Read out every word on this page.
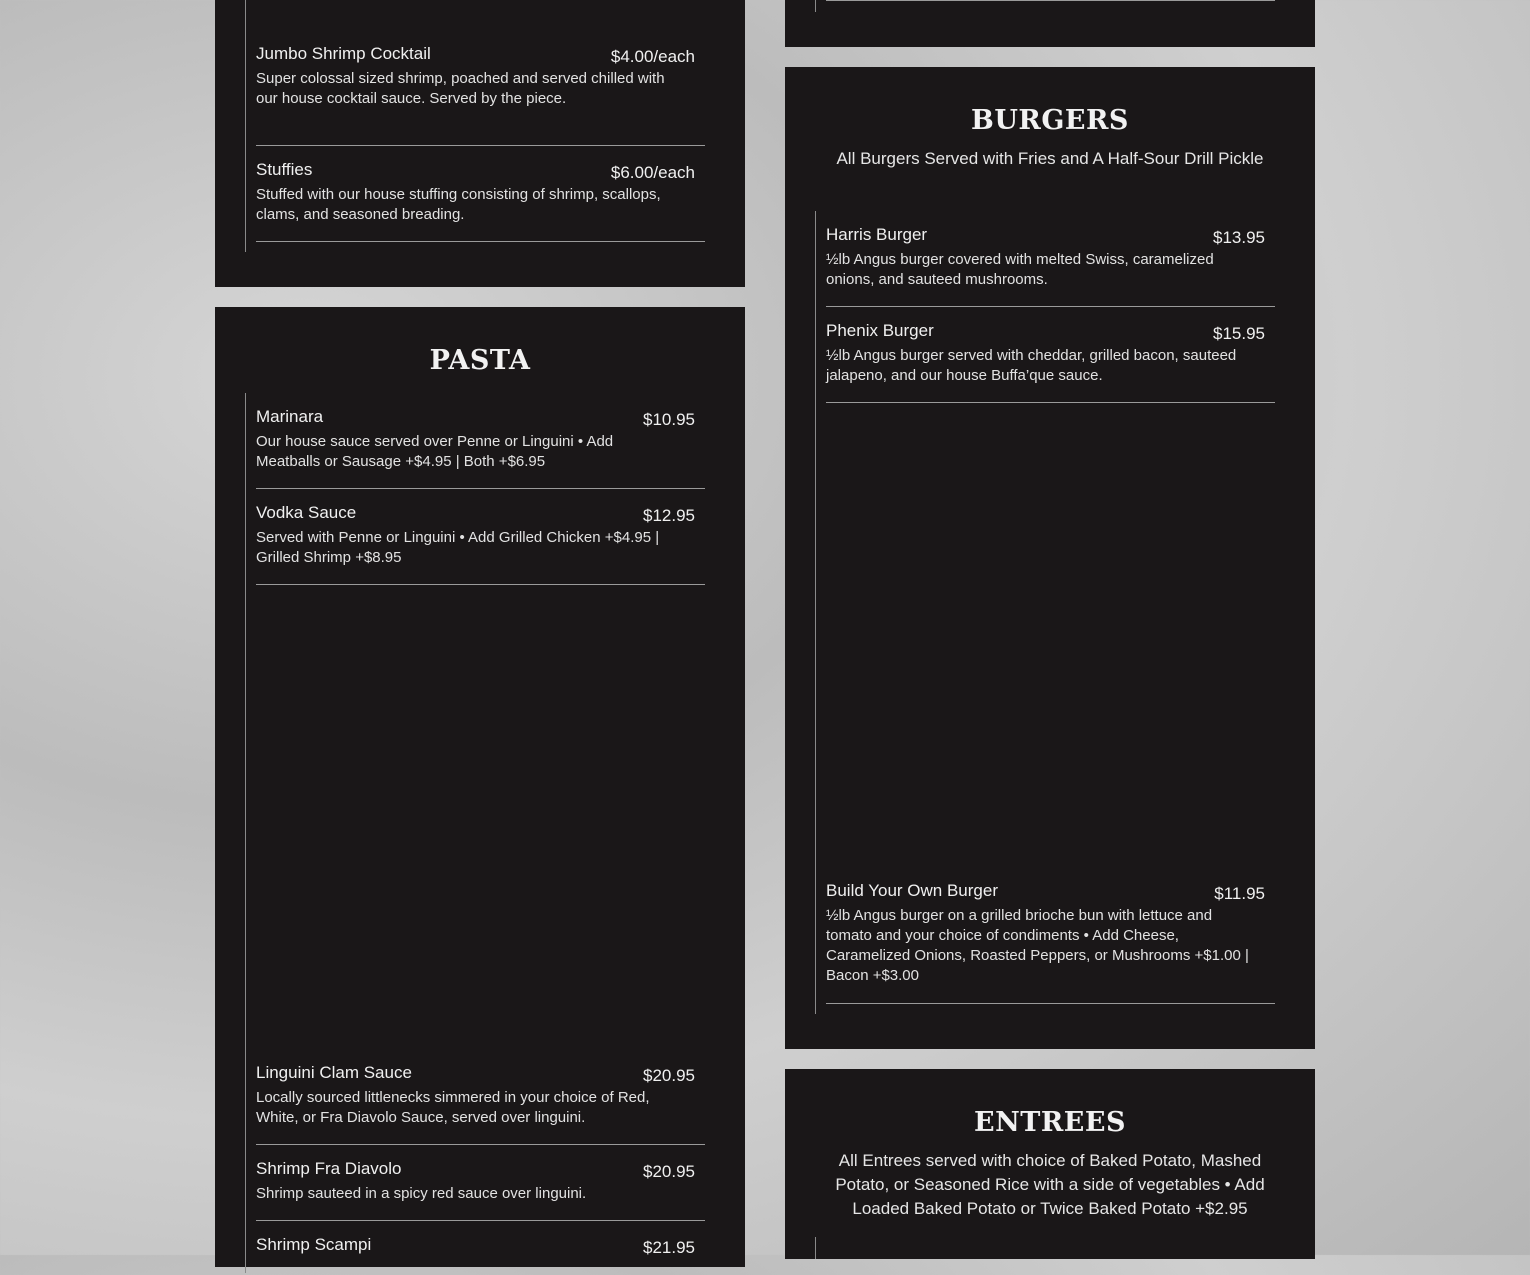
Jumbo Shrimp Cocktail	$4.00/each
Super colossal sized shrimp, poached and served chilled with our house cocktail sauce. Served by the piece.
Stuffies	$6.00/each
Stuffed with our house stuffing consisting of shrimp, scallops, clams, and seasoned breading.
PASTA
Marinara	$10.95
Our house sauce served over Penne or Linguini • Add Meatballs or Sausage +$4.95 | Both +$6.95
Vodka Sauce	$12.95
Served with Penne or Linguini • Add Grilled Chicken +$4.95 | Grilled Shrimp +$8.95
Linguini Clam Sauce	$20.95
Locally sourced littlenecks simmered in your choice of Red, White, or Fra Diavolo Sauce, served over linguini.
Shrimp Fra Diavolo	$20.95
Shrimp sauteed in a spicy red sauce over linguini.
Shrimp Scampi	$21.95
BURGERS
All Burgers Served with Fries and A Half-Sour Drill Pickle
Harris Burger	$13.95
½lb Angus burger covered with melted Swiss, caramelized onions, and sauteed mushrooms.
Phenix Burger	$15.95
½lb Angus burger served with cheddar, grilled bacon, sauteed jalapeno, and our house Buffa’que sauce.
Build Your Own Burger	$11.95
½lb Angus burger on a grilled brioche bun with lettuce and tomato and your choice of condiments • Add Cheese, Caramelized Onions, Roasted Peppers, or Mushrooms +$1.00 | Bacon +$3.00
ENTREES
All Entrees served with choice of Baked Potato, Mashed Potato, or Seasoned Rice with a side of vegetables • Add Loaded Baked Potato or Twice Baked Potato +$2.95
